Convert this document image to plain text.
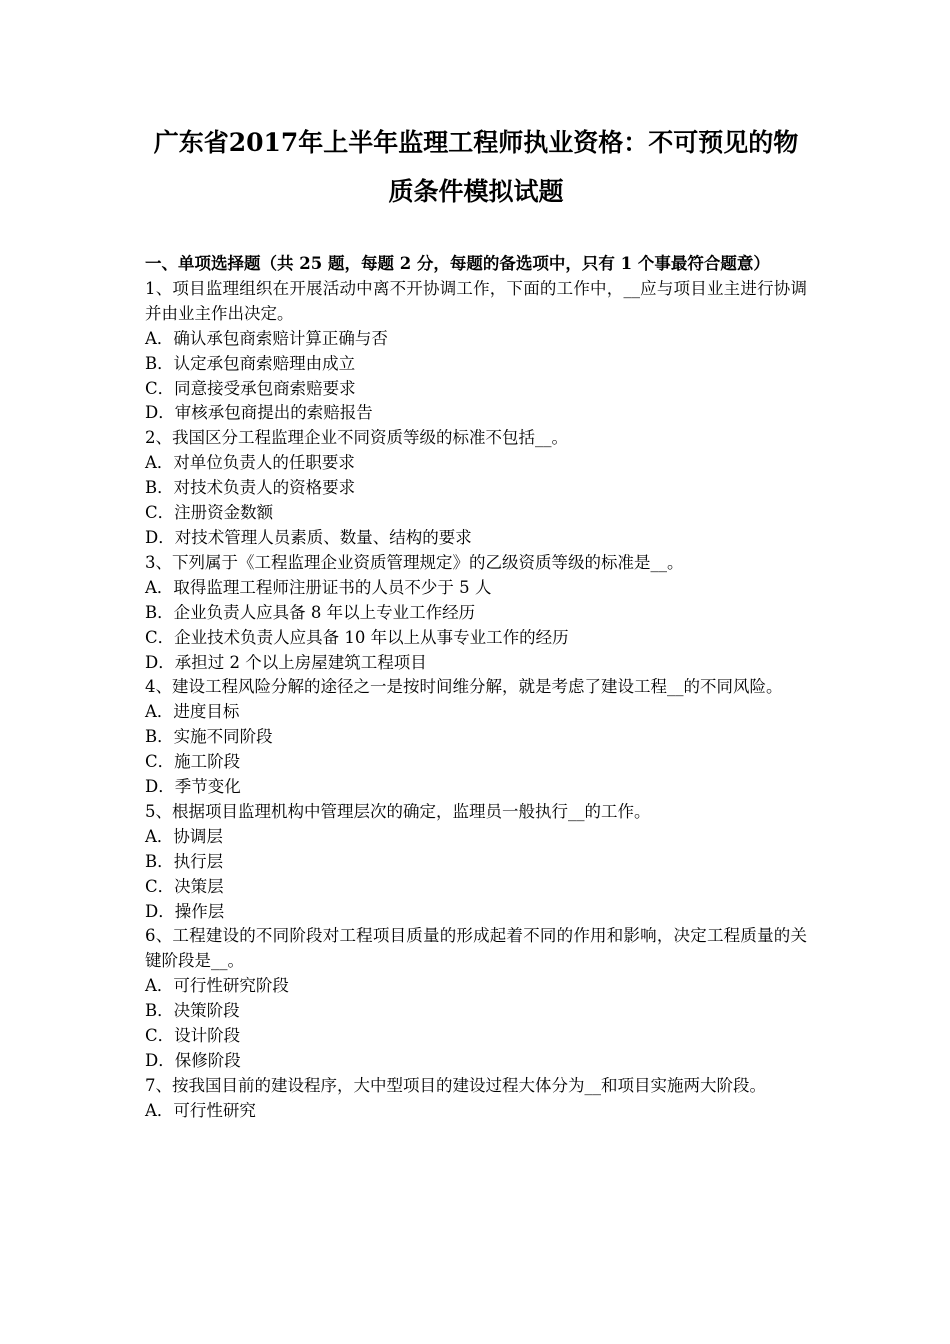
广东省2017年上半年监理工程师执业资格：不可预见的物质条件模拟试题
一、单项选择题（共 25 题，每题 2 分，每题的备选项中，只有 1 个事最符合题意）
1、项目监理组织在开展活动中离不开协调工作，下面的工作中，__应与项目业主进行协调并由业主作出决定。
A．确认承包商索赔计算正确与否
B．认定承包商索赔理由成立
C．同意接受承包商索赔要求
D．审核承包商提出的索赔报告
2、我国区分工程监理企业不同资质等级的标准不包括__。
A．对单位负责人的任职要求
B．对技术负责人的资格要求
C．注册资金数额
D．对技术管理人员素质、数量、结构的要求
3、下列属于《工程监理企业资质管理规定》的乙级资质等级的标准是__。
A．取得监理工程师注册证书的人员不少于 5 人
B．企业负责人应具备 8 年以上专业工作经历
C．企业技术负责人应具备 10 年以上从事专业工作的经历
D．承担过 2 个以上房屋建筑工程项目
4、建设工程风险分解的途径之一是按时间维分解，就是考虑了建设工程__的不同风险。
A．进度目标
B．实施不同阶段
C．施工阶段
D．季节变化
5、根据项目监理机构中管理层次的确定，监理员一般执行__的工作。
A．协调层
B．执行层
C．决策层
D．操作层
6、工程建设的不同阶段对工程项目质量的形成起着不同的作用和影响，决定工程质量的关键阶段是__。
A．可行性研究阶段
B．决策阶段
C．设计阶段
D．保修阶段
7、按我国目前的建设程序，大中型项目的建设过程大体分为__和项目实施两大阶段。
A．可行性研究
